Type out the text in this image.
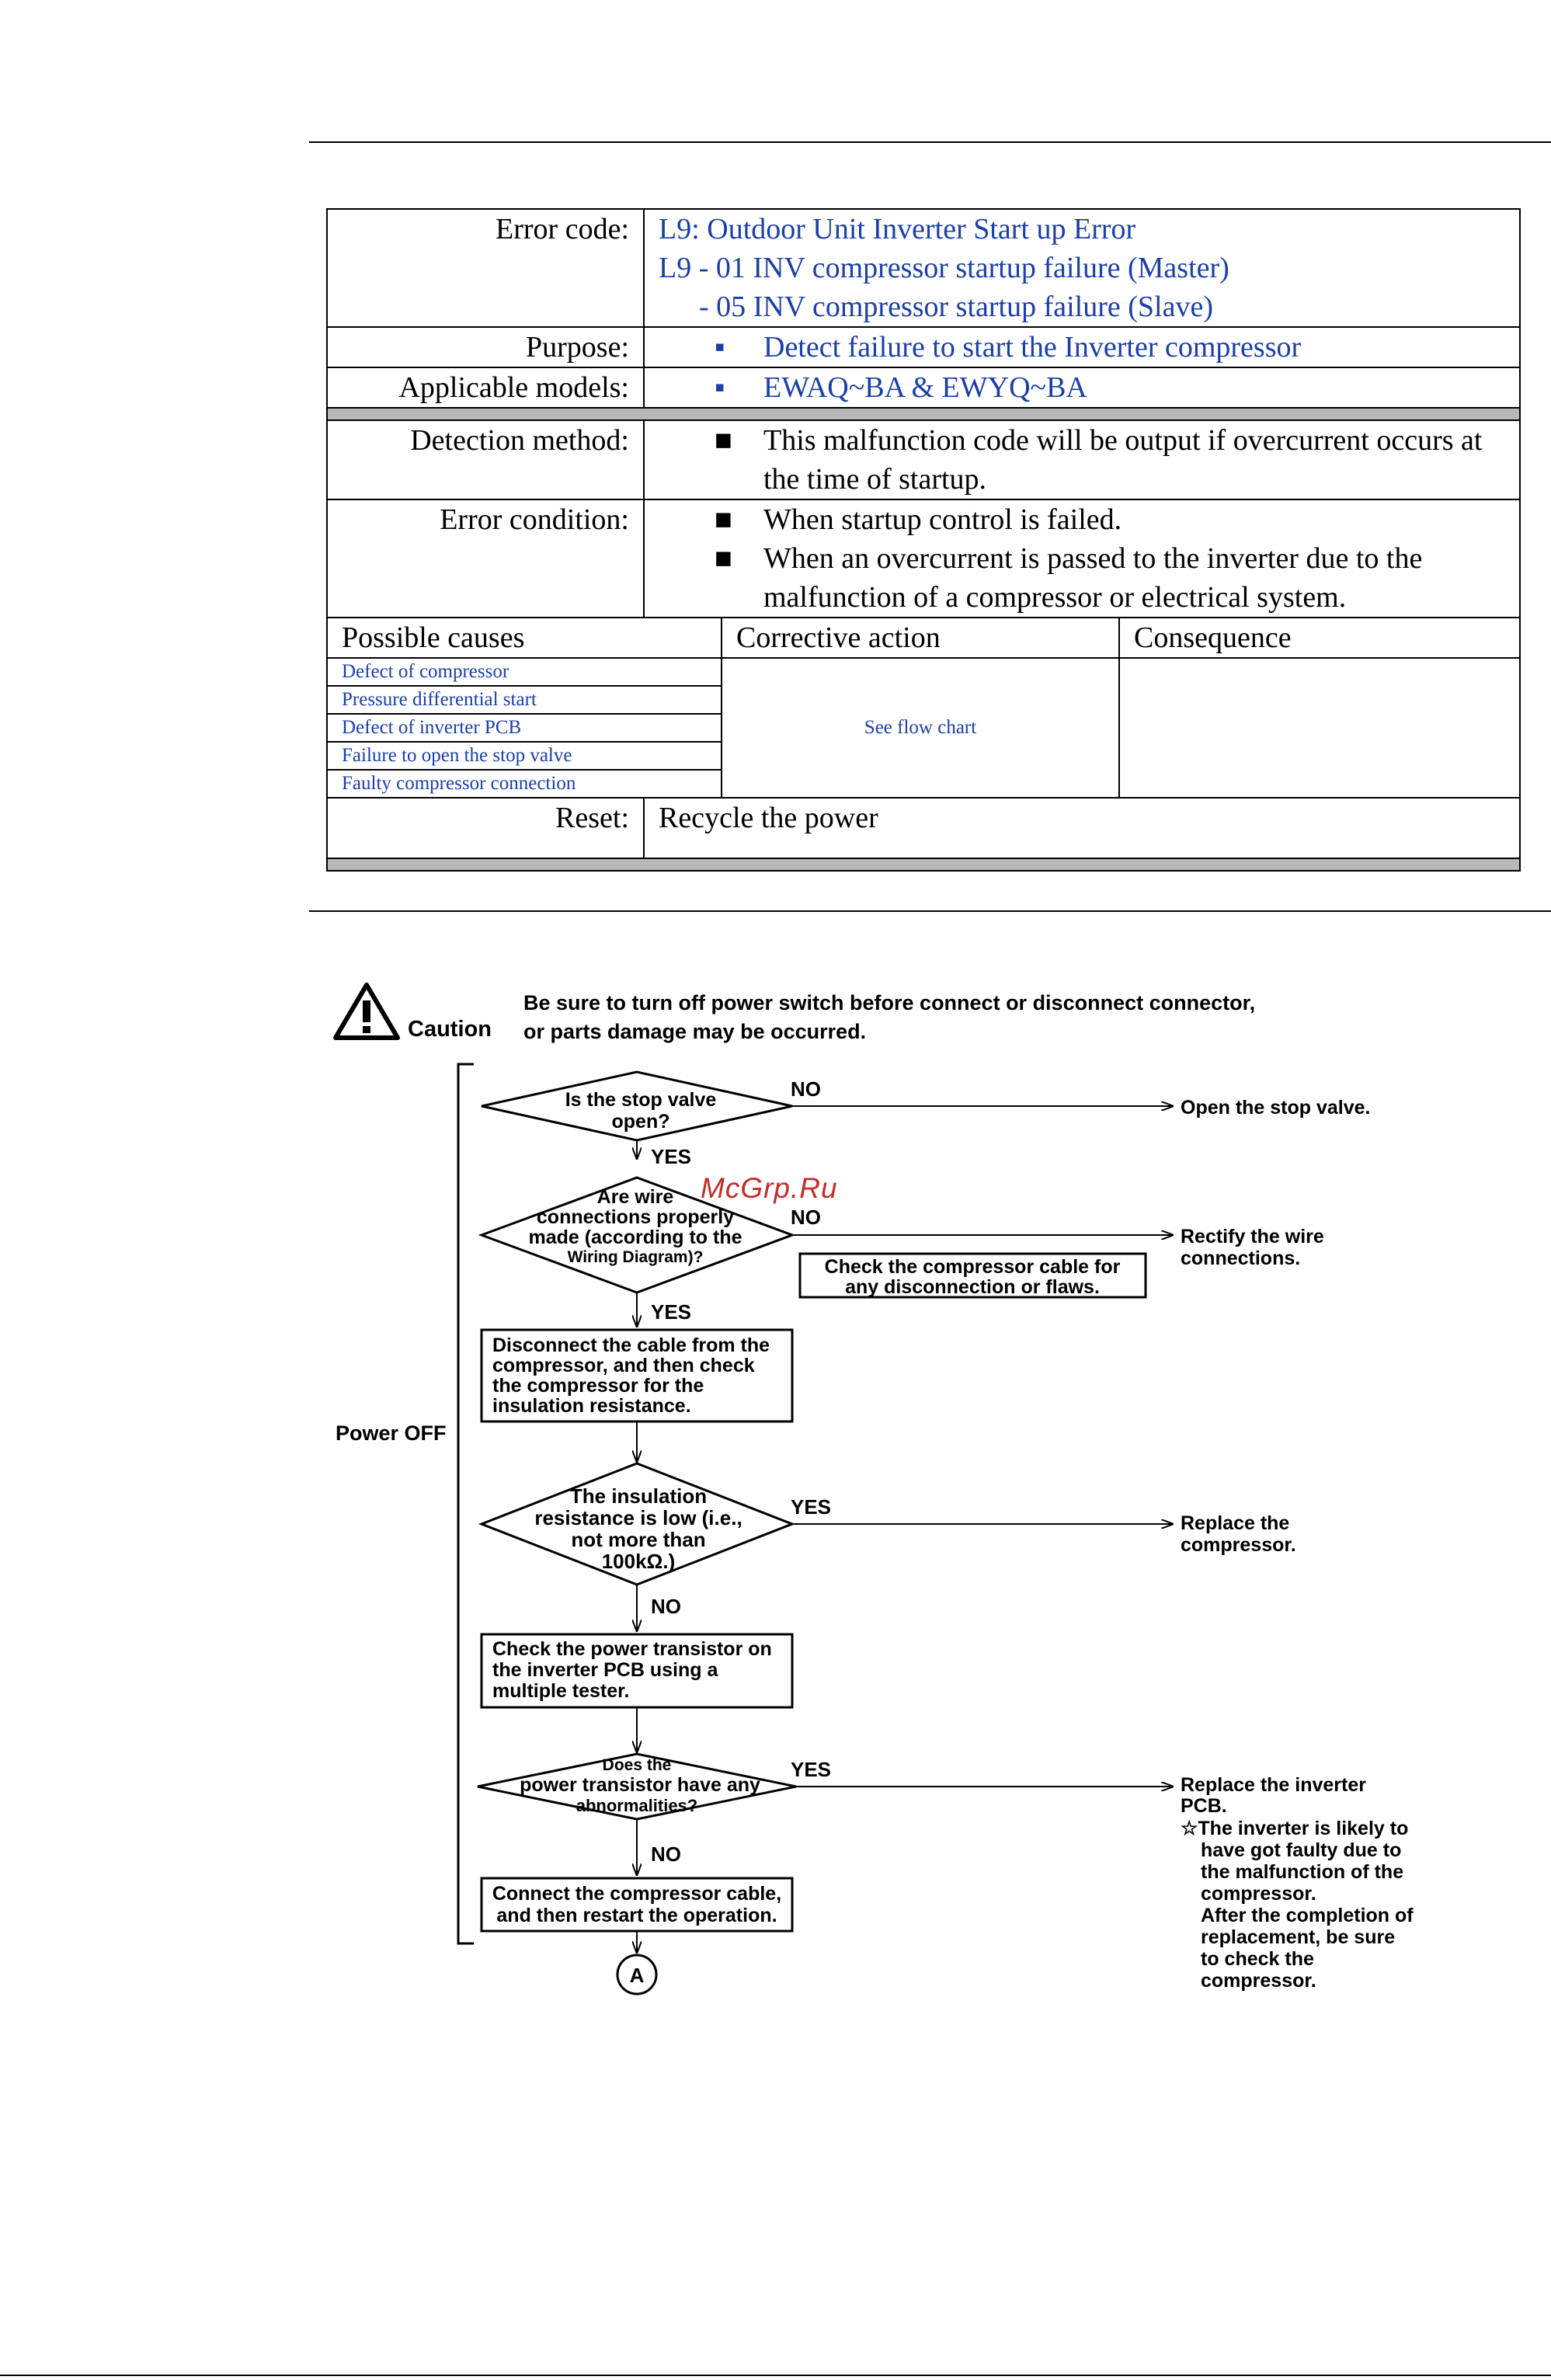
Error code:	L9: Outdoor Unit Inverter Start up Error
L9 - 01 INV compressor startup failure (Master)
- 05 INV compressor startup failure (Slave)

Purpose:	▪ Detect failure to start the Inverter compressor

Applicable models:	▪ EWAQ~BA & EWYQ~BA

Detection method:	■ This malfunction code will be output if overcurrent occurs at the time of startup.

Error condition:	■ When startup control is failed.
■ When an overcurrent is passed to the inverter due to the malfunction of a compressor or electrical system.

Possible causes	Corrective action	Consequence

Defect of compressor
Pressure differential start
Defect of inverter PCB
Failure to open the stop valve
Faulty compressor connection
	See flow chart	
Reset:	Recycle the power

Caution
Be sure to turn off power switch before connect or disconnect connector,
or parts damage may be occurred.
Power OFF
Is the stop valve
open?
NO
Open the stop valve.
YES
Are wire
connections properly
made (according to the
Wiring Diagram)?
NO
Rectify the wire
connections.
Check the compressor cable for
any disconnection or flaws.
YES
Disconnect the cable from the
compressor, and then check
the compressor for the
insulation resistance.
The insulation
resistance is low (i.e.,
not more than
100kΩ.)
YES
Replace the
compressor.
NO
Check the power transistor on
the inverter PCB using a
multiple tester.
Does the
power transistor have any
abnormalities?
YES
Replace the inverter
PCB.
☆The inverter is likely to
have got faulty due to
the malfunction of the
compressor.
After the completion of
replacement, be sure
to check the
compressor.
NO
Connect the compressor cable,
and then restart the operation.
A
McGrp.Ru
